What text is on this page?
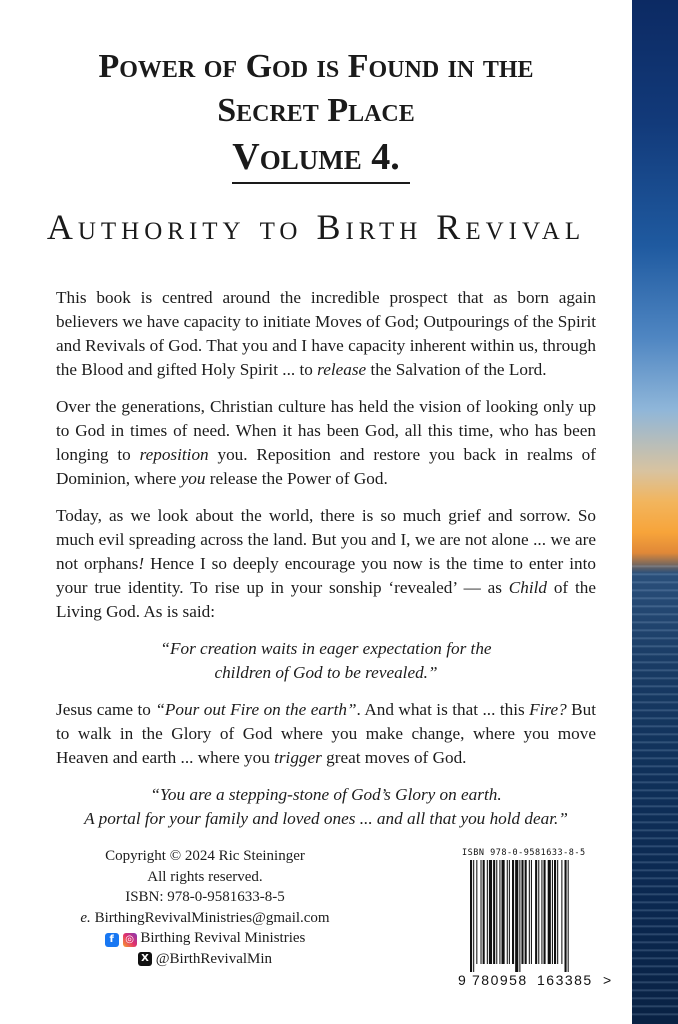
Power of God is Found in the
Secret Place
Volume 4.
Authority to Birth Revival

This book is centred around the incredible prospect that as born again believers we have capacity to initiate Moves of God; Outpourings of the Spirit and Revivals of God. That you and I have capacity inherent within us, through the Blood and gifted Holy Spirit ... to release the Salvation of the Lord.

Over the generations, Christian culture has held the vision of looking only up to God in times of need. When it has been God, all this time, who has been longing to reposition you. Reposition and restore you back in realms of Dominion, where you release the Power of God.

Today, as we look about the world, there is so much grief and sorrow. So much evil spreading across the land. But you and I, we are not alone ... we are not orphans! Hence I so deeply encourage you now is the time to enter into your true identity. To rise up in your sonship ‘revealed’ — as Child of the Living God. As is said:

“For creation waits in eager expectation for the
children of God to be revealed.”

Jesus came to “Pour out Fire on the earth”. And what is that ... this Fire? But to walk in the Glory of God where you make change, where you move Heaven and earth ... where you trigger great moves of God.

“You are a stepping-stone of God’s Glory on earth.
A portal for your family and loved ones ... and all that you hold dear.”

Copyright © 2024 Ric Steininger
All rights reserved.
ISBN: 978-0-9581633-8-5
e. BirthingRevivalMinistries@gmail.com
f	◎ Birthing Revival Ministries
X @BirthRevivalMin
ISBN 978-0-9581633-8-5
9 780958 163385 >
